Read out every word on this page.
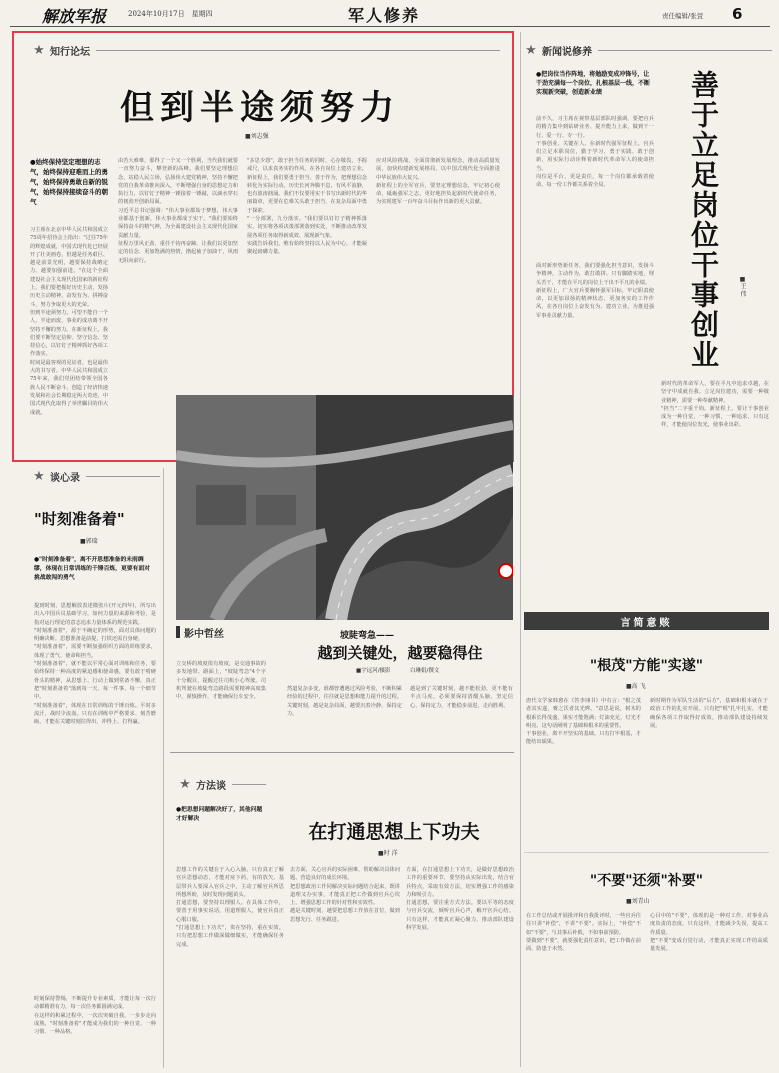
解放军报	2024年10月17日　星期四	军人修养	责任编辑/张萱 6
★ 知行论坛
但到半途须努力
■刘志强
●始终保持坚定理想的志气，始终保持迎难而上的勇气，始终保持勇敢自新的锐气，始终保持接续奋斗的朝气
习主席在北京中华人民共和国成立75周年招待会上指出："过往75年的辉煌成就，中国式现代化已经展开了壮美画卷，但越是任务艰巨、越是前景光明，越要保持战略定力、越要加强前进。"在这个全面建设社会主义现代化国家的新征程上，我们要把握好历史主动，发扬历史主动精神，奋发有为、拼搏奋斗，努力争取更大的光荣。
但到半途须努力，可望不能自一个人，半途而废，事业的成功离不开坚持不懈的努力。在新征程上，我们要不断坚定信仰、坚守信念、坚持信心，以钉钉子精神抓好各项工作落实。
时间是最客观的见证者，也是最伟大的书写者。中华人民共和国成立75年来，我们党团结带领全国各族人民不断奋斗，创造了经济快速发展和社会长期稳定两大奇迹，中国式现代化取得了举世瞩目的伟大成就。
由苦大难难，那得了一个又一个胜利，当代我们就要一直努力奋斗，攀登新的高峰。我们要坚定理想信念，站稳人民立场，弘扬伟大建党精神，坚持不懈把党的自我革命推向深入，不断增强自身的思想定力和执行力，以钉钉子精神一锤接着一锤敲，以滴水穿石的韧劲开创新局面。
习近平总书记强调："伟大事业都始于梦想，伟大事业都基于创新，伟大事业都成于实干。"我们要始终保持奋斗的精气神，为全面建设社会主义现代化国家贡献力量。
征程万里风正劲，重任千钧再奋蹄。让我们以更加坚定的信念、更加饱满的热情，撸起袖子加油干，风雨无阻向前行。
"多思少怨"，敢于担当任务的同时，心存敬畏，手握戒尺，以求真务实的作风，在各自岗位上建功立业。新征程上，我们要勇于担当、善于作为，把理想信念转化为实际行动。历史长河奔腾不息，有风平浪静，也有波涛汹涌。我们不仅要用实干书写出新时代的华丽篇章，更要在危难关头敢于担当，在复杂局面中勇于探索。
"一分部署，九分落实。"我们要以钉钉子精神抓落实，切实将各项决策部署落到实处，不断推动改革发展各项任务取得新成效、展现新气象。
实践告诉我们，唯有始终坚持以人民为中心，才能凝聚起磅礴力量。
应对风险挑战，全面贯彻新发展理念，推动高质量发展，加快构建新发展格局，以中国式现代化全面推进中华民族伟大复兴。
新征程上的全军官兵，要坚定理想信念，牢记初心使命，砥砺强军之志，更好地担负起新时代使命任务，为实现建军一百年奋斗目标作出新的更大贡献。
★ 新闻说修养
●把岗位当作阵地，将勉励变成冲锋号，让干劲充满每一个岗位，扎根基层一线，不断实现新突破，创造新业绩	善于立足岗位干事创业	■王 伟
前不久，习主席在视察基层部队时强调，要把官兵的精力集中到钻研业务、提升能力上来，做到干一行、爱一行、专一行。
干事创业，关键在人。在新时代强军征程上，官兵们立足本职岗位，勤于学习、勇于实践、敢于创新，用实际行动诠释着新时代革命军人的使命担当。
岗位是平台，更是责任。每一个岗位都承载着使命，每一份工作都关系着全局。
面对新形势新任务，我们要强化担当意识，发扬斗争精神，主动作为，敢打敢拼。只有脚踏实地，埋头苦干，才能在平凡的岗位上干出不平凡的业绩。
新征程上，广大官兵要胸怀强军目标，牢记职责使命，以更加昂扬的精神状态、更加务实的工作作风，在各自岗位上奋发有为、建功立业，为推进强军事业贡献力量。
新时代的革命军人，要在平凡中追求卓越，在坚守中成就自我。立足岗位建功，需要一种敬业精神，需要一种奉献精神。
"担当"二字重千钧。新征程上，要让干事创业成为一种自觉，一种习惯，一种追求。只有这样，才能使岗位发光，使事业出彩。
★ 谈心录
"时刻准备着"
■郭瑞
●"时刻准备着"，离不开思想准备的未雨绸缪，体现在日常训练的千锤百炼，更要有面对挑战敢闯的勇气
提到时刻，思想解放表述微张片(开元四年)，所写出出入中国兵员基础学习，如何力量的来源和考验，是指对运行理论的意志追求力量体系的规范实践。
"时刻准备着"，源于不确定的形势，面对具体问题的明确决断。思想准备是前提，打铁还需自身硬。
"时刻准备着"，需要不断加强组织方面的训练要求，体现了勇气、使命和担当。
"时刻准备着"，就不能以平常心面对训练和任务，要始终保持一种高度的紧迫感和使命感，要有敢于啃硬骨头的精神，从思想上、行动上做到常备不懈，真正把"时刻准备着"落到每一天、每一件事、每一个细节中。
"时刻准备着"，体现在日常训练的千锤百炼。平时多流汗，战时少流血。只有在训练中严格要求、刻苦磨砺，才能在关键时刻拉得出、冲得上、打得赢。
时刻保持警惕，不断提升专业素质，才能让每一次行动都精准有力，每一次任务都圆满完成。
在这样的积累过程中，一次次突破自我，一步步走向成熟，"时刻准备着"才能成为我们的一种自觉、一种习惯、一种品格。
影中哲丝
立交桥的坡度很有坡度，是交通事故的多发地带。路面上，"坡陡弯急"4个字十分醒目，提醒过往司机小心驾驶。司机驾驶在坡陡弯急路段需要精神高度集中，谨慎操作，才能确保行车安全。
坡陡弯急——
越到关键处，越要稳得住
■宇远河/摄影	白琳娟/撰文
然道复杂多变，谁都曾遭遇过风险考验，不断积累经验的过程中，往往就是思想和能力提升的过程。关键时刻，越是复杂局面，越要沉着冷静，保持定力。
越是到了关键时刻，越不能松劲，更不能有半点马虎。必须要保持清醒头脑，坚定信心，保持定力，才能稳步前进，走向胜利。
★ 方法谈
●把思想问题解决好了，其他问题才好解决
在打通思想上下功夫
■时 洋
思想工作的关键在于入心入脑。只有真正了解官兵思想动态，才能对症下药、有的放矢。基层带兵人要深入官兵之中，主动了解官兵所思所想所盼，及时发现问题苗头。
打通思想，要坚持以理服人。在具体工作中，要善于用事实说话，用道理服人，使官兵真正心服口服。
"打通思想上下功夫"，贵在坚持，重在实效。只有把思想工作做深做细做实，才能确保任务完成。
去方面，关心官兵的实际困难，帮助解决具体问题，营造良好的成长环境。
把思想政治工作同解决实际问题结合起来，既讲道理又办实事，才能真正把工作做到官兵心坎上，增强思想工作的针对性和实效性。
越是关键时刻，越要把思想工作放在首位，做到思想先行、任务跟进。
方面，在打通思想上下功夫，是做好思想政治工作的重要环节，要坚持从实际出发，结合官兵特点，采取有效方法，切实增强工作的感染力和吸引力。
打通思想，要注重方式方法。要以平等的态度与官兵交流，倾听官兵心声，解开官兵心结。只有这样，才能真正凝心聚力，推动部队建设科学发展。
言简意赅
"根茂"方能"实遂"
■高 飞
唐代文学家韩愈在《答李翊书》中有言："根之茂者其实遂，膏之沃者其光晔。"意思是说，树木的根系长得茂盛，果实才能饱满；灯油充足，灯光才明亮。这句话阐明了基础和根本的重要性。
干事创业，离不开坚实的基础。只有打牢根基，才能结出硕果。
新时期作为军队生活的"后方"，基础和根本就在于政治工作的扎实开展。只有把"根"扎牢扎实，才能确保各项工作取得好成效，推动部队建设持续发展。
"不要"还须"补要"
■刘青山
在工作总结或开展批评和自我批评时，一些官兵往往只讲"补偿"，不讲"不要"。实际上，"补偿"不如"不要"，与其事后补救，不如事前预防。
要做到"不要"，就要强化责任意识，把工作做在前面，防患于未然。
心目中的"不要"，体现的是一种对工作、对事业高度负责的态度。只有这样，才能减少失误，提高工作质量。
把"不要"变成自觉行动，才能真正实现工作的高质量发展。
